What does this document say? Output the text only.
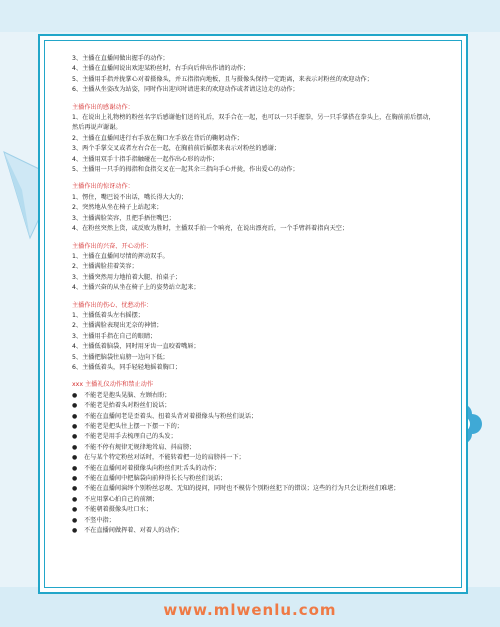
3、主播在直播间做出握手的动作；
4、主播在直播间说出欢迎某粉丝时，右手向后伸出作请的动作；
5、主播用手指并拢掌心对着摄像头，并五指指向地板，且与摄像头保持一定距离，来表示对粉丝的欢迎动作；
6、主播从坐姿改为站姿，同时作出迎宾时请进来的欢迎动作或者请这边走的动作；
主播作出的感谢动作：
1、在说出上礼物榜的粉丝名字后感谢他们送的礼后，双手合在一起，也可以一只手握拳，另一只手掌搭在拳头上，在胸前前后摆动，然后再说声谢谢。
2、主播在直播间进行右手放在胸口左手放在背后的鞠躬动作；
3、两个手掌交叉或者左右合在一起，在胸前前后摇摆来表示对粉丝的感谢；
4、主播用双手十指手指触碰在一起作出心形的动作；
5、主播用一只手的拇指和食指交叉在一起其余三指向手心并拢，作出爱心的动作；
主播作出的惊讶动作：
1、愣住，嘴巴说不出话，嘴长得大大的；
2、突然地从坐在椅子上站起来；
3、主播满脸笑容，且把手捂住嘴巴；
4、在粉丝突然上货，或反败为胜时，主播双手拍一个响亮，在说出漂亮后，一个手臂斜着指向天空；
主播作出的兴奋、开心动作：
1、主播在直播间尽情的挥动双手。
2、主播满脸挂着笑容；
3、主播突然用力地拍着大腿、拍桌子；
4、主播兴奋的从坐在椅子上的姿势站立起来；
主播作出的伤心、忧愁动作：
1、主播低着头左右摇摆；
2、主播满脸表现出无奈的神情；
3、主播用手指在自己的眼睛；
4、主播低着脑袋，同时用牙齿一直咬着嘴唇；
5、主播把脑袋往肩膀一边向下低；
6、主播低着头，同手轻轻地摇着胸口；
xxx 主播礼仪动作和禁止动作
● 不能老是抱头晃脑、左顾右盼；
● 不能老是抬着头对粉丝们说话；
● 不能在直播间老是歪着头、扭着头背对着摄像头与粉丝们说话；
● 不能老是把头往上摆一下摆一下的；
● 不能老是用手去梳理自己的头发；
● 不能不停有规律无规律地耸肩、抖肩膀；
● 在与某个特定粉丝对话时，不能转着把一边的肩膀抖一下；
● 不能在直播间对着摄像头向粉丝们吐舌头的动作；
● 不能在直播间中把脑袋向前伸得长长与粉丝们说话；
● 不能在直播间演绎个别粉丝忍观、无知的提问，同时也不模仿个别粉丝犯下的错误；这些的行为只会让粉丝们难堪；
● 不应用掌心拍自己的前额；
● 不能朝着摄像头吐口水；
● 不竖中指；
● 不在直播间做挥着、对着人的动作；
www.mlwenlu.com
